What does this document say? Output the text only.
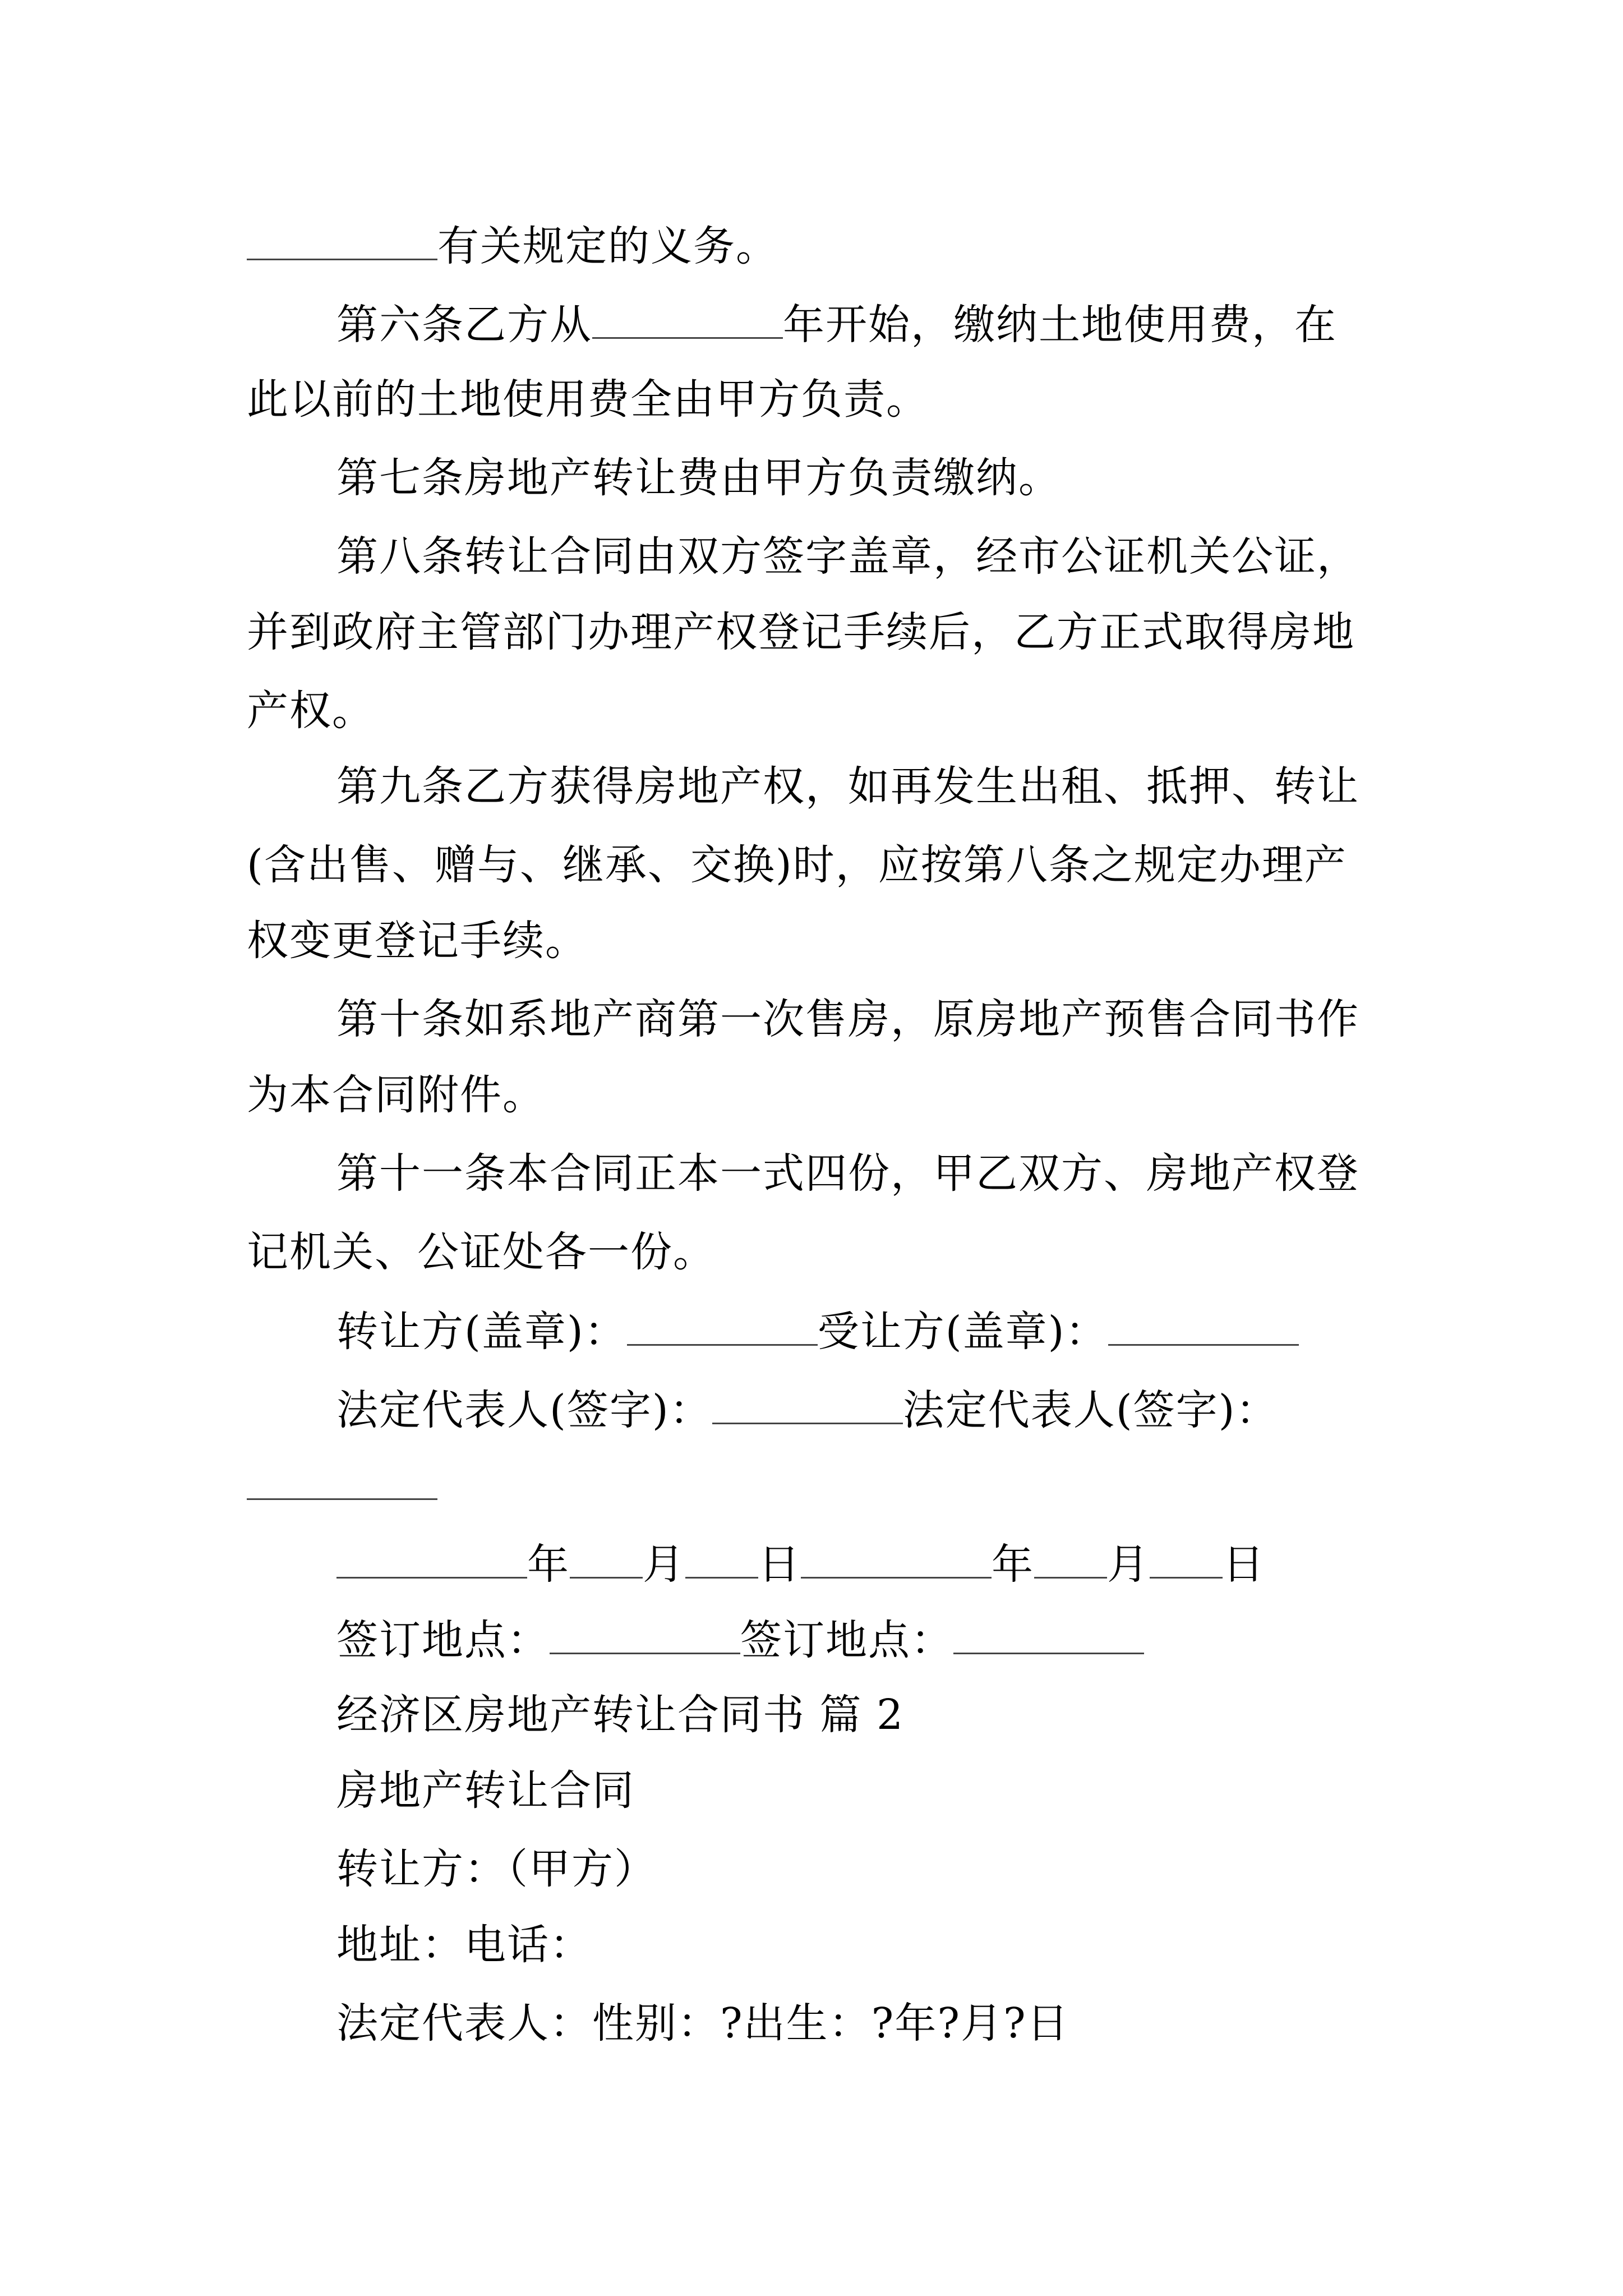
有关规定的义务。
第六条乙方从	年开始，缴纳土地使用费，在
此以前的土地使用费全由甲方负责。
第七条房地产转让费由甲方负责缴纳。
第八条转让合同由双方签字盖章，经市公证机关公证，
并到政府主管部门办理产权登记手续后，乙方正式取得房地
产权。
第九条乙方获得房地产权，如再发生出租、抵押、转让
(含出售、赠与、继承、交换)时，应按第八条之规定办理产
权变更登记手续。
第十条如系地产商第一次售房，原房地产预售合同书作
为本合同附件。
第十一条本合同正本一式四份，甲乙双方、房地产权登
记机关、公证处各一份。
转让方(盖章)：	受让方(盖章)：
法定代表人(签字)：	法定代表人(签字)：
年 月 日	年 月 日
签订地点：	签订地点：
经济区房地产转让合同书 篇 2
房地产转让合同
转让方：（甲方）
地址：电话：
法定代表人：性别：?出生：?年?月?日
